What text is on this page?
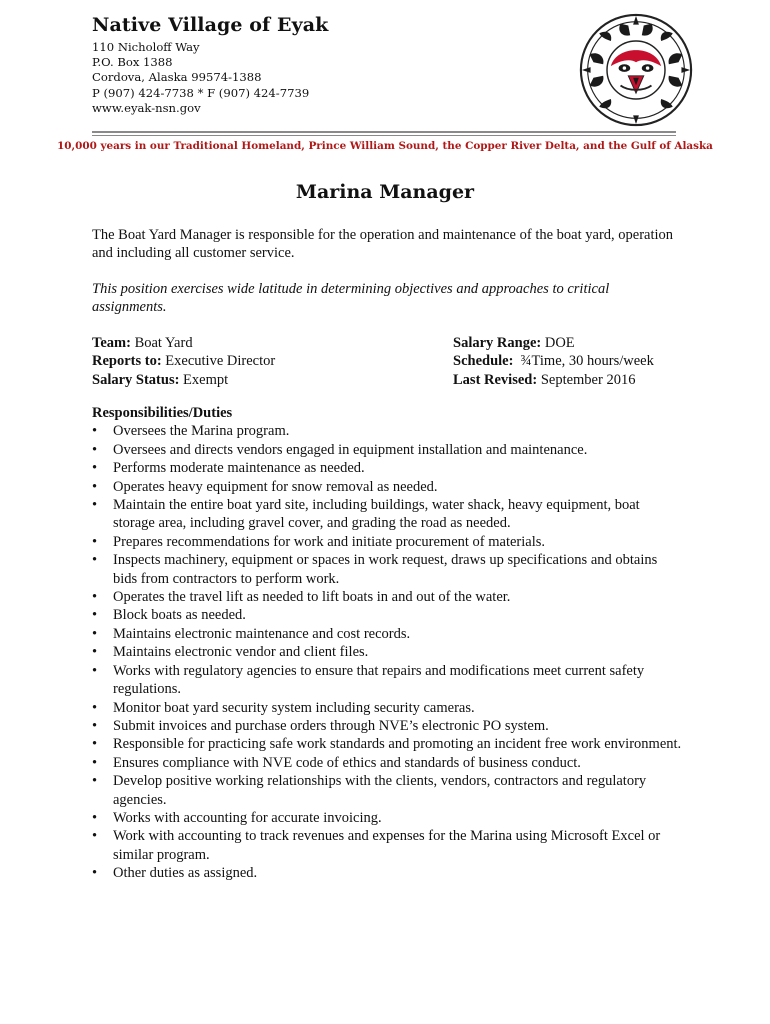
Native Village of Eyak
110 Nicholoff Way
P.O. Box 1388
Cordova, Alaska 99574-1388
P (907) 424-7738 * F (907) 424-7739
www.eyak-nsn.gov
10,000 years in our Traditional Homeland, Prince William Sound, the Copper River Delta, and the Gulf of Alaska
Marina Manager
The Boat Yard Manager is responsible for the operation and maintenance of the boat yard, operation and including all customer service.
This position exercises wide latitude in determining objectives and approaches to critical assignments.
Team: Boat Yard
Reports to: Executive Director
Salary Status: Exempt
Salary Range: DOE
Schedule:  ¾Time, 30 hours/week
Last Revised: September 2016
Responsibilities/Duties
•	Oversees the Marina program.
•	Oversees and directs vendors engaged in equipment installation and maintenance.
•	Performs moderate maintenance as needed.
•	Operates heavy equipment for snow removal as needed.
•	Maintain the entire boat yard site, including buildings, water shack, heavy equipment, boat storage area, including gravel cover, and grading the road as needed.
•	Prepares recommendations for work and initiate procurement of materials.
•	Inspects machinery, equipment or spaces in work request, draws up specifications and obtains bids from contractors to perform work.
•	Operates the travel lift as needed to lift boats in and out of the water.
•	Block boats as needed.
•	Maintains electronic maintenance and cost records.
•	Maintains electronic vendor and client files.
•	Works with regulatory agencies to ensure that repairs and modifications meet current safety regulations.
•	Monitor boat yard security system including security cameras.
•	Submit invoices and purchase orders through NVE’s electronic PO system.
•	Responsible for practicing safe work standards and promoting an incident free work environment.
•	Ensures compliance with NVE code of ethics and standards of business conduct.
•	Develop positive working relationships with the clients, vendors, contractors and regulatory agencies.
•	Works with accounting for accurate invoicing.
•	Work with accounting to track revenues and expenses for the Marina using Microsoft Excel or similar program.
•	Other duties as assigned.
